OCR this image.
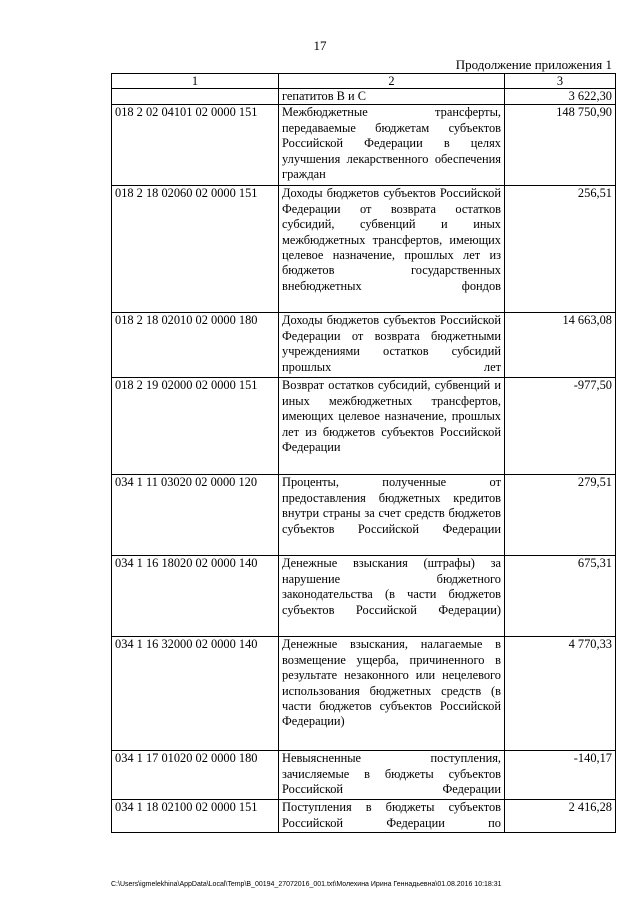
17
Продолжение приложения 1
1	2	3

	гепатитов В и С	3 622,30
018 2 02 04101 02 0000 151	Межбюджетные трансферты, передаваемые бюджетам субъектов Российской Федерации в целях улучшения лекарственного обеспечения граждан	148 750,90
018 2 18 02060 02 0000 151	Доходы бюджетов субъектов Российской Федерации от возврата остатков субсидий, субвенций и иных межбюджетных трансфертов, имеющих целевое назначение, прошлых лет из бюджетов государственных внебюджетных фондов	256,51
018 2 18 02010 02 0000 180	Доходы бюджетов субъектов Российской Федерации от возврата бюджетными учреждениями остатков субсидий прошлых лет	14 663,08
018 2 19 02000 02 0000 151	Возврат остатков субсидий, субвенций и иных межбюджетных трансфертов, имеющих целевое назначение, прошлых лет из бюджетов субъектов Российской Федерации	-977,50
034 1 11 03020 02 0000 120	Проценты, полученные от предоставления бюджетных кредитов внутри страны за счет средств бюджетов субъектов Российской Федерации	279,51
034 1 16 18020 02 0000 140	Денежные взыскания (штрафы) за нарушение бюджетного законодательства (в части бюджетов субъектов Российской Федерации)	675,31
034 1 16 32000 02 0000 140	Денежные взыскания, налагаемые в возмещение ущерба, причиненного в результате незаконного или нецелевого использования бюджетных средств (в части бюджетов субъектов Российской Федерации)	4 770,33
034 1 17 01020 02 0000 180	Невыясненные поступления, зачисляемые в бюджеты субъектов Российской Федерации	-140,17
034 1 18 02100 02 0000 151	Поступления в бюджеты субъектов Российской Федерации по	2 416,28
C:\Users\igmelekhina\AppData\Local\Temp\B_00194_27072016_001.txt\Молехина Ирина Геннадьевна\01.08.2016 10:18:31
